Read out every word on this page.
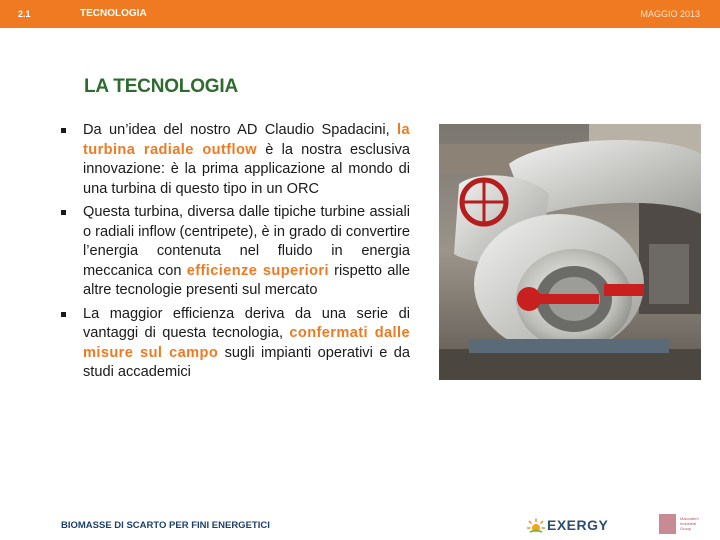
2.1	TECNOLOGIA	MAGGIO 2013
LA TECNOLOGIA
Da un’idea del nostro AD Claudio Spadacini, la turbina radiale outflow è la nostra esclusiva innovazione: è la prima applicazione al mondo di una turbina di questo tipo in un ORC
Questa turbina, diversa dalle tipiche turbine assiali o radiali inflow (centripete), è in grado di convertire l’energia contenuta nel fluido in energia meccanica con efficienze superiori rispetto alle altre tecnologie presenti sul mercato
La maggior efficienza deriva da una serie di vantaggi di questa tecnologia, confermati dalle misure sul campo sugli impianti operativi e da studi accademici
BIOMASSE DI SCARTO PER FINI ENERGETICI	EXERGY	Maccaferri
Industrial
Group
